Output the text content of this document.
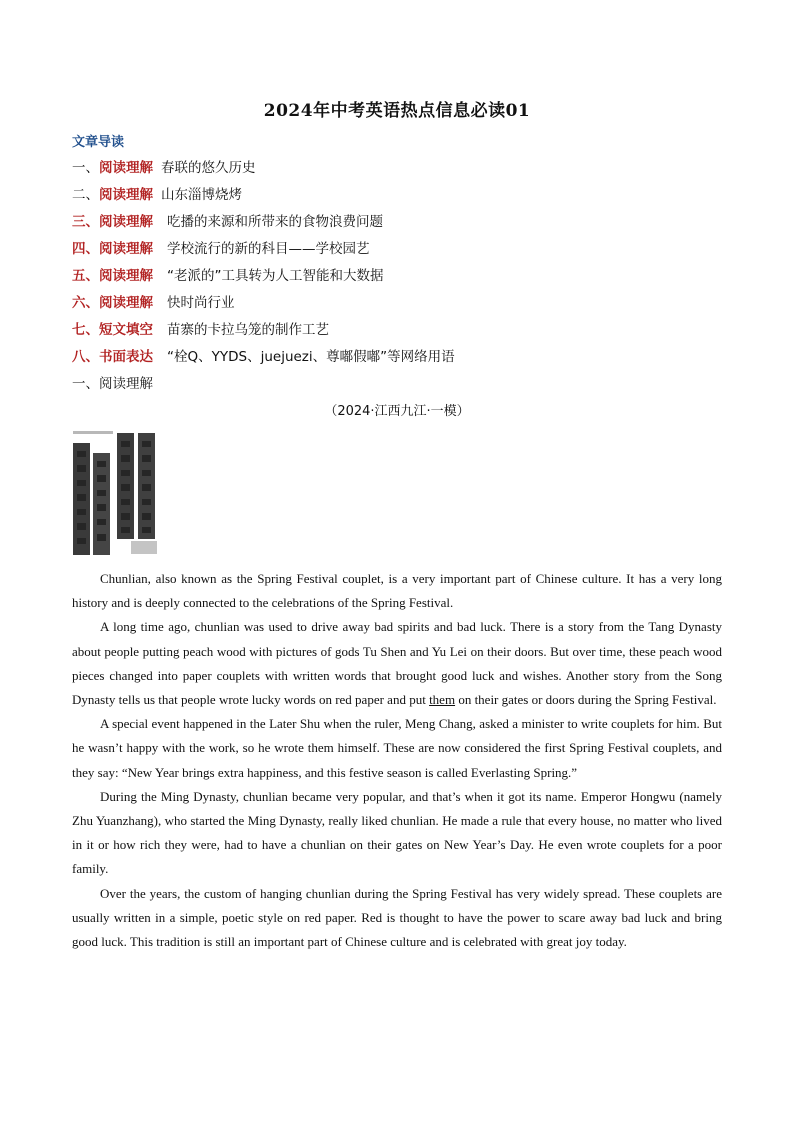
2024年中考英语热点信息必读01
文章导读
一、阅读理解 春联的悠久历史
二、阅读理解 山东淄博烧烤
三、阅读理解 吃播的来源和所带来的食物浪费问题
四、阅读理解 学校流行的新的科目——学校园艺
五、阅读理解 “老派的”工具转为人工智能和大数据
六、阅读理解 快时尚行业
七、短文填空 苗寨的卡拉乌笼的制作工艺
八、书面表达 “栓Q、YYDS、juejuezi、尊嘟假嘟”等网络用语
一、阅读理解
（2024·江西九江·一模）

Chunlian, also known as the Spring Festival couplet, is a very important part of Chinese culture. It has a very long history and is deeply connected to the celebrations of the Spring Festival.

A long time ago, chunlian was used to drive away bad spirits and bad luck. There is a story from the Tang Dynasty about people putting peach wood with pictures of gods Tu Shen and Yu Lei on their doors. But over time, these peach wood pieces changed into paper couplets with written words that brought good luck and wishes. Another story from the Song Dynasty tells us that people wrote lucky words on red paper and put them on their gates or doors during the Spring Festival.

A special event happened in the Later Shu when the ruler, Meng Chang, asked a minister to write couplets for him. But he wasn’t happy with the work, so he wrote them himself. These are now considered the first Spring Festival couplets, and they say: “New Year brings extra happiness, and this festive season is called Everlasting Spring.”

During the Ming Dynasty, chunlian became very popular, and that’s when it got its name. Emperor Hongwu (namely Zhu Yuanzhang), who started the Ming Dynasty, really liked chunlian. He made a rule that every house, no matter who lived in it or how rich they were, had to have a chunlian on their gates on New Year’s Day. He even wrote couplets for a poor family.

Over the years, the custom of hanging chunlian during the Spring Festival has very widely spread. These couplets are usually written in a simple, poetic style on red paper. Red is thought to have the power to scare away bad luck and bring good luck. This tradition is still an important part of Chinese culture and is celebrated with great joy today.
